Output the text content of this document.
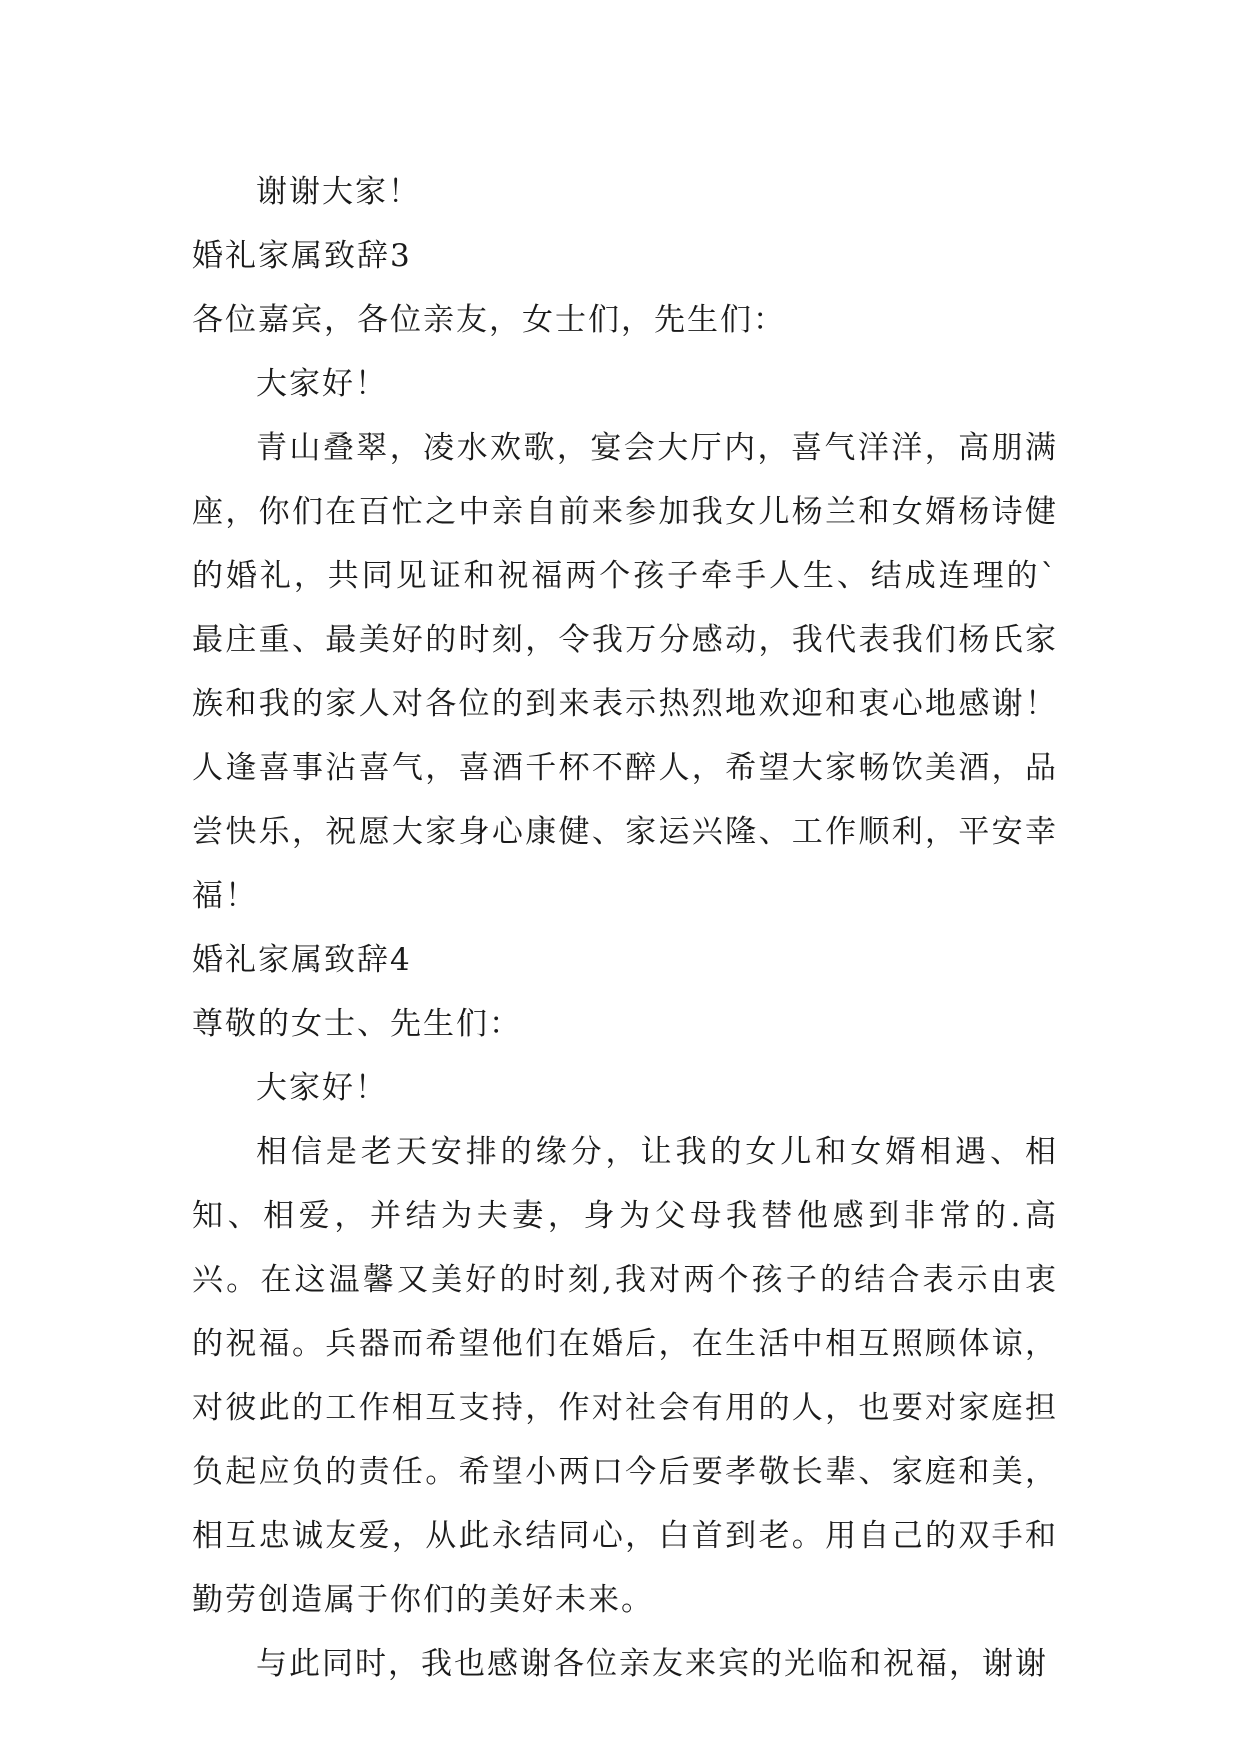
谢谢大家！

婚礼家属致辞3

各位嘉宾，各位亲友，女士们，先生们：

大家好！

青山叠翠，凌水欢歌，宴会大厅内，喜气洋洋，高朋满座，你们在百忙之中亲自前来参加我女儿杨兰和女婿杨诗健的婚礼，共同见证和祝福两个孩子牵手人生、结成连理的`最庄重、最美好的时刻，令我万分感动，我代表我们杨氏家族和我的家人对各位的到来表示热烈地欢迎和衷心地感谢！人逢喜事沾喜气，喜酒千杯不醉人，希望大家畅饮美酒，品尝快乐，祝愿大家身心康健、家运兴隆、工作顺利，平安幸福！

婚礼家属致辞4

尊敬的女士、先生们：

大家好！

相信是老天安排的缘分，让我的女儿和女婿相遇、相知、相爱，并结为夫妻，身为父母我替他感到非常的.高兴。在这温馨又美好的时刻,我对两个孩子的结合表示由衷的祝福。兵器而希望他们在婚后，在生活中相互照顾体谅，对彼此的工作相互支持，作对社会有用的人，也要对家庭担负起应负的责任。希望小两口今后要孝敬长辈、家庭和美，相互忠诚友爱，从此永结同心，白首到老。用自己的双手和勤劳创造属于你们的美好未来。

与此同时，我也感谢各位亲友来宾的光临和祝福，谢谢
